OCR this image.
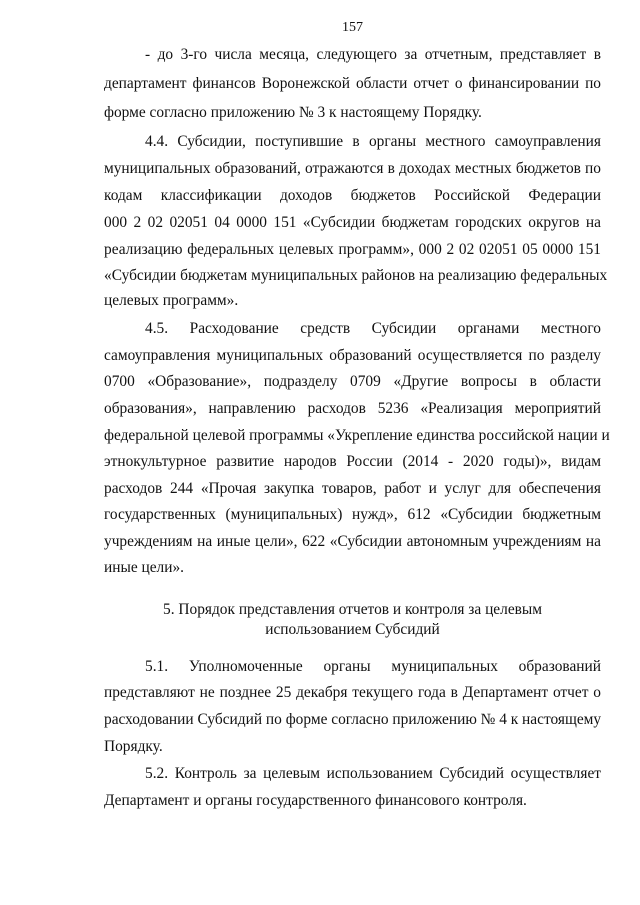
157
- до 3-го числа месяца, следующего за отчетным, представляет в
департамент финансов Воронежской области отчет о финансировании по
форме согласно приложению № 3 к настоящему Порядку.
4.4. Субсидии, поступившие в органы местного самоуправления
муниципальных образований, отражаются в доходах местных бюджетов по
кодам классификации доходов бюджетов Российской Федерации
000 2 02 02051 04 0000 151 «Субсидии бюджетам городских округов на
реализацию федеральных целевых программ», 000 2 02 02051 05 0000 151
«Субсидии бюджетам муниципальных районов на реализацию федеральных
целевых программ».
4.5. Расходование средств Субсидии органами местного
самоуправления муниципальных образований осуществляется по разделу
0700 «Образование», подразделу 0709 «Другие вопросы в области
образования», направлению расходов 5236 «Реализация мероприятий
федеральной целевой программы «Укрепление единства российской нации и
этнокультурное развитие народов России (2014 - 2020 годы)», видам
расходов 244 «Прочая закупка товаров, работ и услуг для обеспечения
государственных (муниципальных) нужд», 612 «Субсидии бюджетным
учреждениям на иные цели», 622 «Субсидии автономным учреждениям на
иные цели».
5. Порядок представления отчетов и контроля за целевым
использованием Субсидий
5.1. Уполномоченные органы муниципальных образований
представляют не позднее 25 декабря текущего года в Департамент отчет о
расходовании Субсидий по форме согласно приложению № 4 к настоящему
Порядку.
5.2. Контроль за целевым использованием Субсидий осуществляет
Департамент и органы государственного финансового контроля.
